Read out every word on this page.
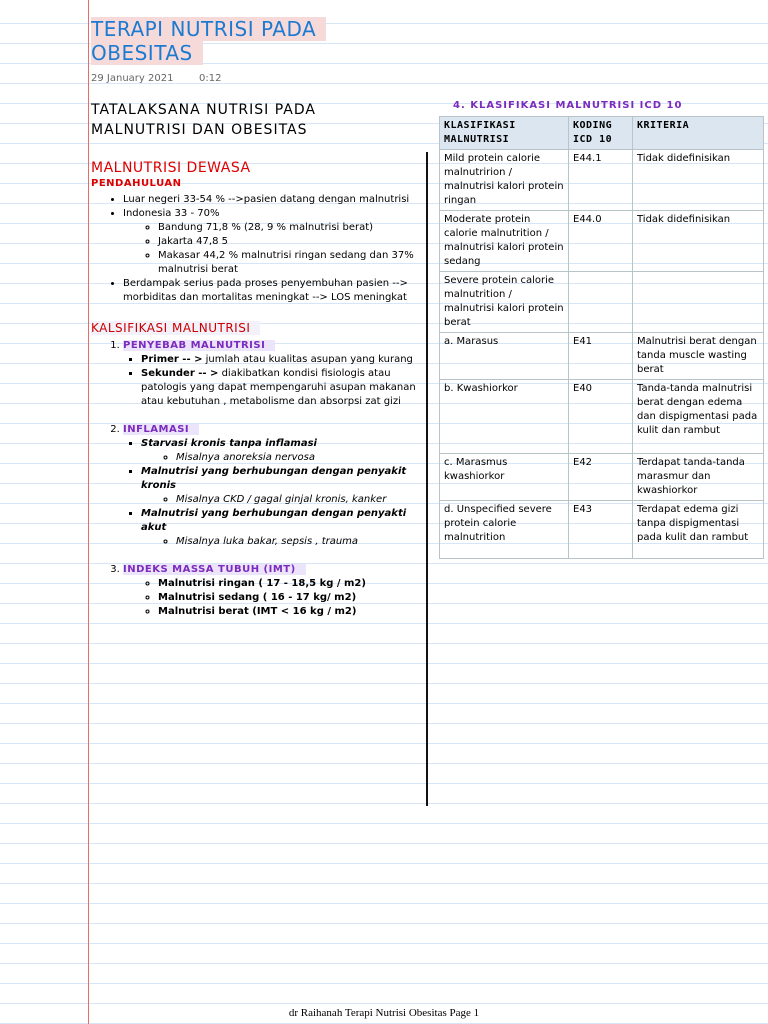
TERAPI NUTRISI PADA
OBESITAS
29 January 2021	0:12
TATALAKSANA NUTRISI PADA
MALNUTRISI DAN OBESITAS
MALNUTRISI DEWASA
PENDAHULUAN
• Luar negeri 33-54 % -->pasien datang dengan malnutrisi
• Indonesia 33 - 70%
◦ Bandung 71,8 % (28, 9 % malnutrisi berat)
◦ Jakarta 47,8 5
◦ Makasar 44,2 % malnutrisi ringan sedang dan 37% malnutrisi berat
• Berdampak serius pada proses penyembuhan pasien --> morbiditas dan mortalitas meningkat --> LOS meningkat
KALSIFIKASI MALNUTRISI
1. PENYEBAB MALNUTRISI
▪ Primer -- > jumlah atau kualitas asupan yang kurang
▪ Sekunder -- > diakibatkan kondisi fisiologis atau patologis yang dapat mempengaruhi asupan makanan atau kebutuhan , metabolisme dan absorpsi zat gizi
2. INFLAMASI
▪ Starvasi kronis tanpa inflamasi
◦ Misalnya anoreksia nervosa
▪ Malnutrisi yang berhubungan dengan penyakit kronis
◦ Misalnya CKD / gagal ginjal kronis, kanker
▪ Malnutrisi yang berhubungan dengan penyakti akut
◦ Misalnya luka bakar, sepsis , trauma
3. INDEKS MASSA TUBUH (IMT)
◦ Malnutrisi ringan ( 17 - 18,5 kg / m2)
◦ Malnutrisi sedang ( 16 - 17 kg/ m2)
◦ Malnutrisi berat (IMT < 16 kg / m2)
4. KLASIFIKASI MALNUTRISI ICD 10
KLASIFIKASI MALNUTRISI	KODING ICD 10	KRITERIA
Mild protein calorie malnutririon / malnutrisi kalori protein ringan	E44.1	Tidak didefinisikan
Moderate protein calorie malnutrition / malnutrisi kalori protein sedang	E44.0	Tidak didefinisikan
Severe protein calorie malnutrition / malnutrisi kalori protein berat		
a. Marasus	E41	Malnutrisi berat dengan tanda muscle wasting berat
b. Kwashiorkor	E40	Tanda-tanda malnutrisi berat dengan edema dan dispigmentasi pada kulit dan rambut
c. Marasmus kwashiorkor	E42	Terdapat tanda-tanda marasmur dan kwashiorkor
d. Unspecified severe protein calorie malnutrition	E43	Terdapat edema gizi tanpa dispigmentasi pada kulit dan rambut
dr Raihanah Terapi Nutrisi Obesitas Page 1
